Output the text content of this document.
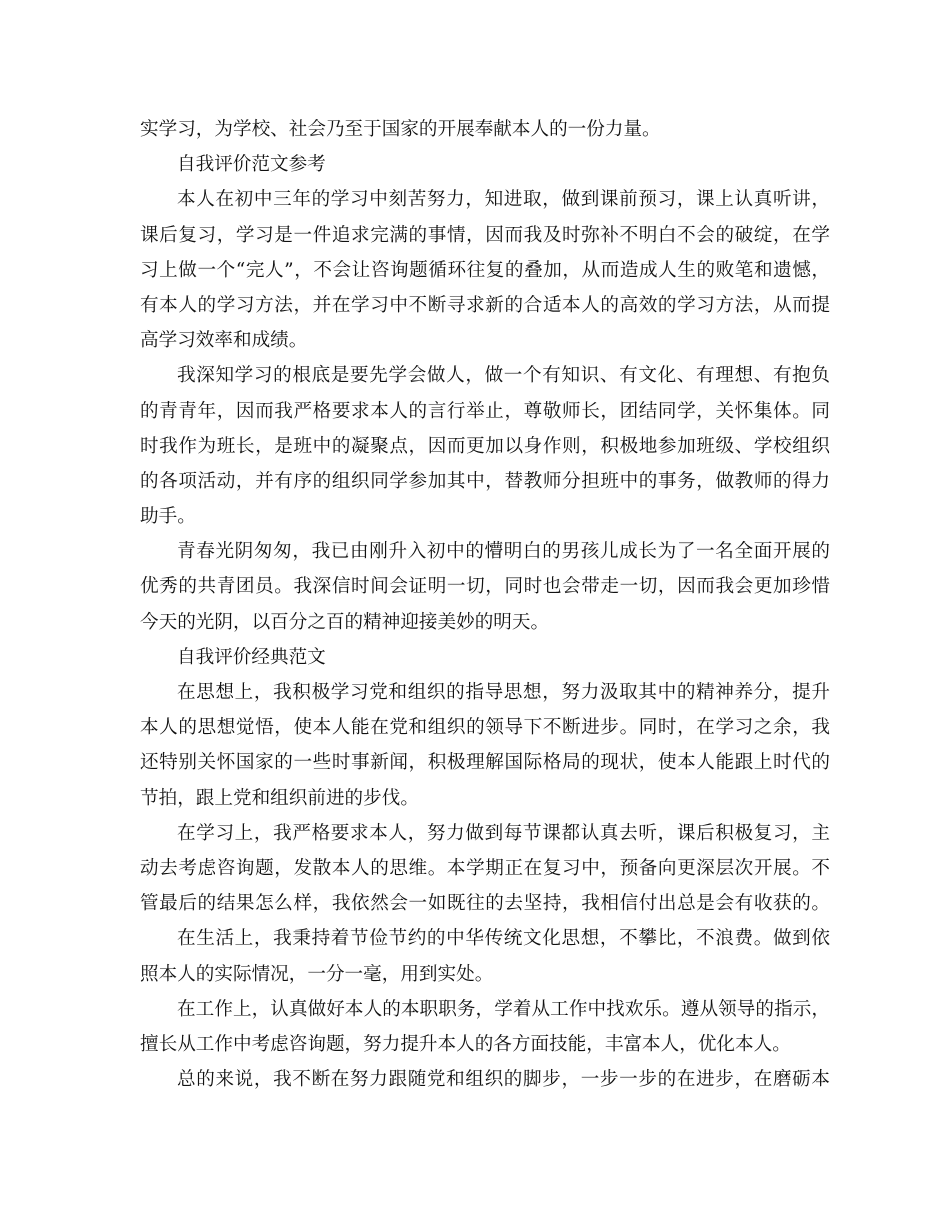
实学习，为学校、社会乃至于国家的开展奉献本人的一份力量。
自我评价范文参考
本人在初中三年的学习中刻苦努力，知进取，做到课前预习，课上认真听讲，
课后复习，学习是一件追求完满的事情，因而我及时弥补不明白不会的破绽，在学
习上做一个“完人”，不会让咨询题循环往复的叠加，从而造成人生的败笔和遗憾，
有本人的学习方法，并在学习中不断寻求新的合适本人的高效的学习方法，从而提
高学习效率和成绩。
我深知学习的根底是要先学会做人，做一个有知识、有文化、有理想、有抱负
的青青年，因而我严格要求本人的言行举止，尊敬师长，团结同学，关怀集体。同
时我作为班长，是班中的凝聚点，因而更加以身作则，积极地参加班级、学校组织
的各项活动，并有序的组织同学参加其中，替教师分担班中的事务，做教师的得力
助手。
青春光阴匆匆，我已由刚升入初中的懵明白的男孩儿成长为了一名全面开展的
优秀的共青团员。我深信时间会证明一切，同时也会带走一切，因而我会更加珍惜
今天的光阴，以百分之百的精神迎接美妙的明天。
自我评价经典范文
在思想上，我积极学习党和组织的指导思想，努力汲取其中的精神养分，提升
本人的思想觉悟，使本人能在党和组织的领导下不断进步。同时，在学习之余，我
还特别关怀国家的一些时事新闻，积极理解国际格局的现状，使本人能跟上时代的
节拍，跟上党和组织前进的步伐。
在学习上，我严格要求本人，努力做到每节课都认真去听，课后积极复习，主
动去考虑咨询题，发散本人的思维。本学期正在复习中，预备向更深层次开展。不
管最后的结果怎么样，我依然会一如既往的去坚持，我相信付出总是会有收获的。
在生活上，我秉持着节俭节约的中华传统文化思想，不攀比，不浪费。做到依
照本人的实际情况，一分一毫，用到实处。
在工作上，认真做好本人的本职职务，学着从工作中找欢乐。遵从领导的指示，
擅长从工作中考虑咨询题，努力提升本人的各方面技能，丰富本人，优化本人。
总的来说，我不断在努力跟随党和组织的脚步，一步一步的在进步，在磨砺本
